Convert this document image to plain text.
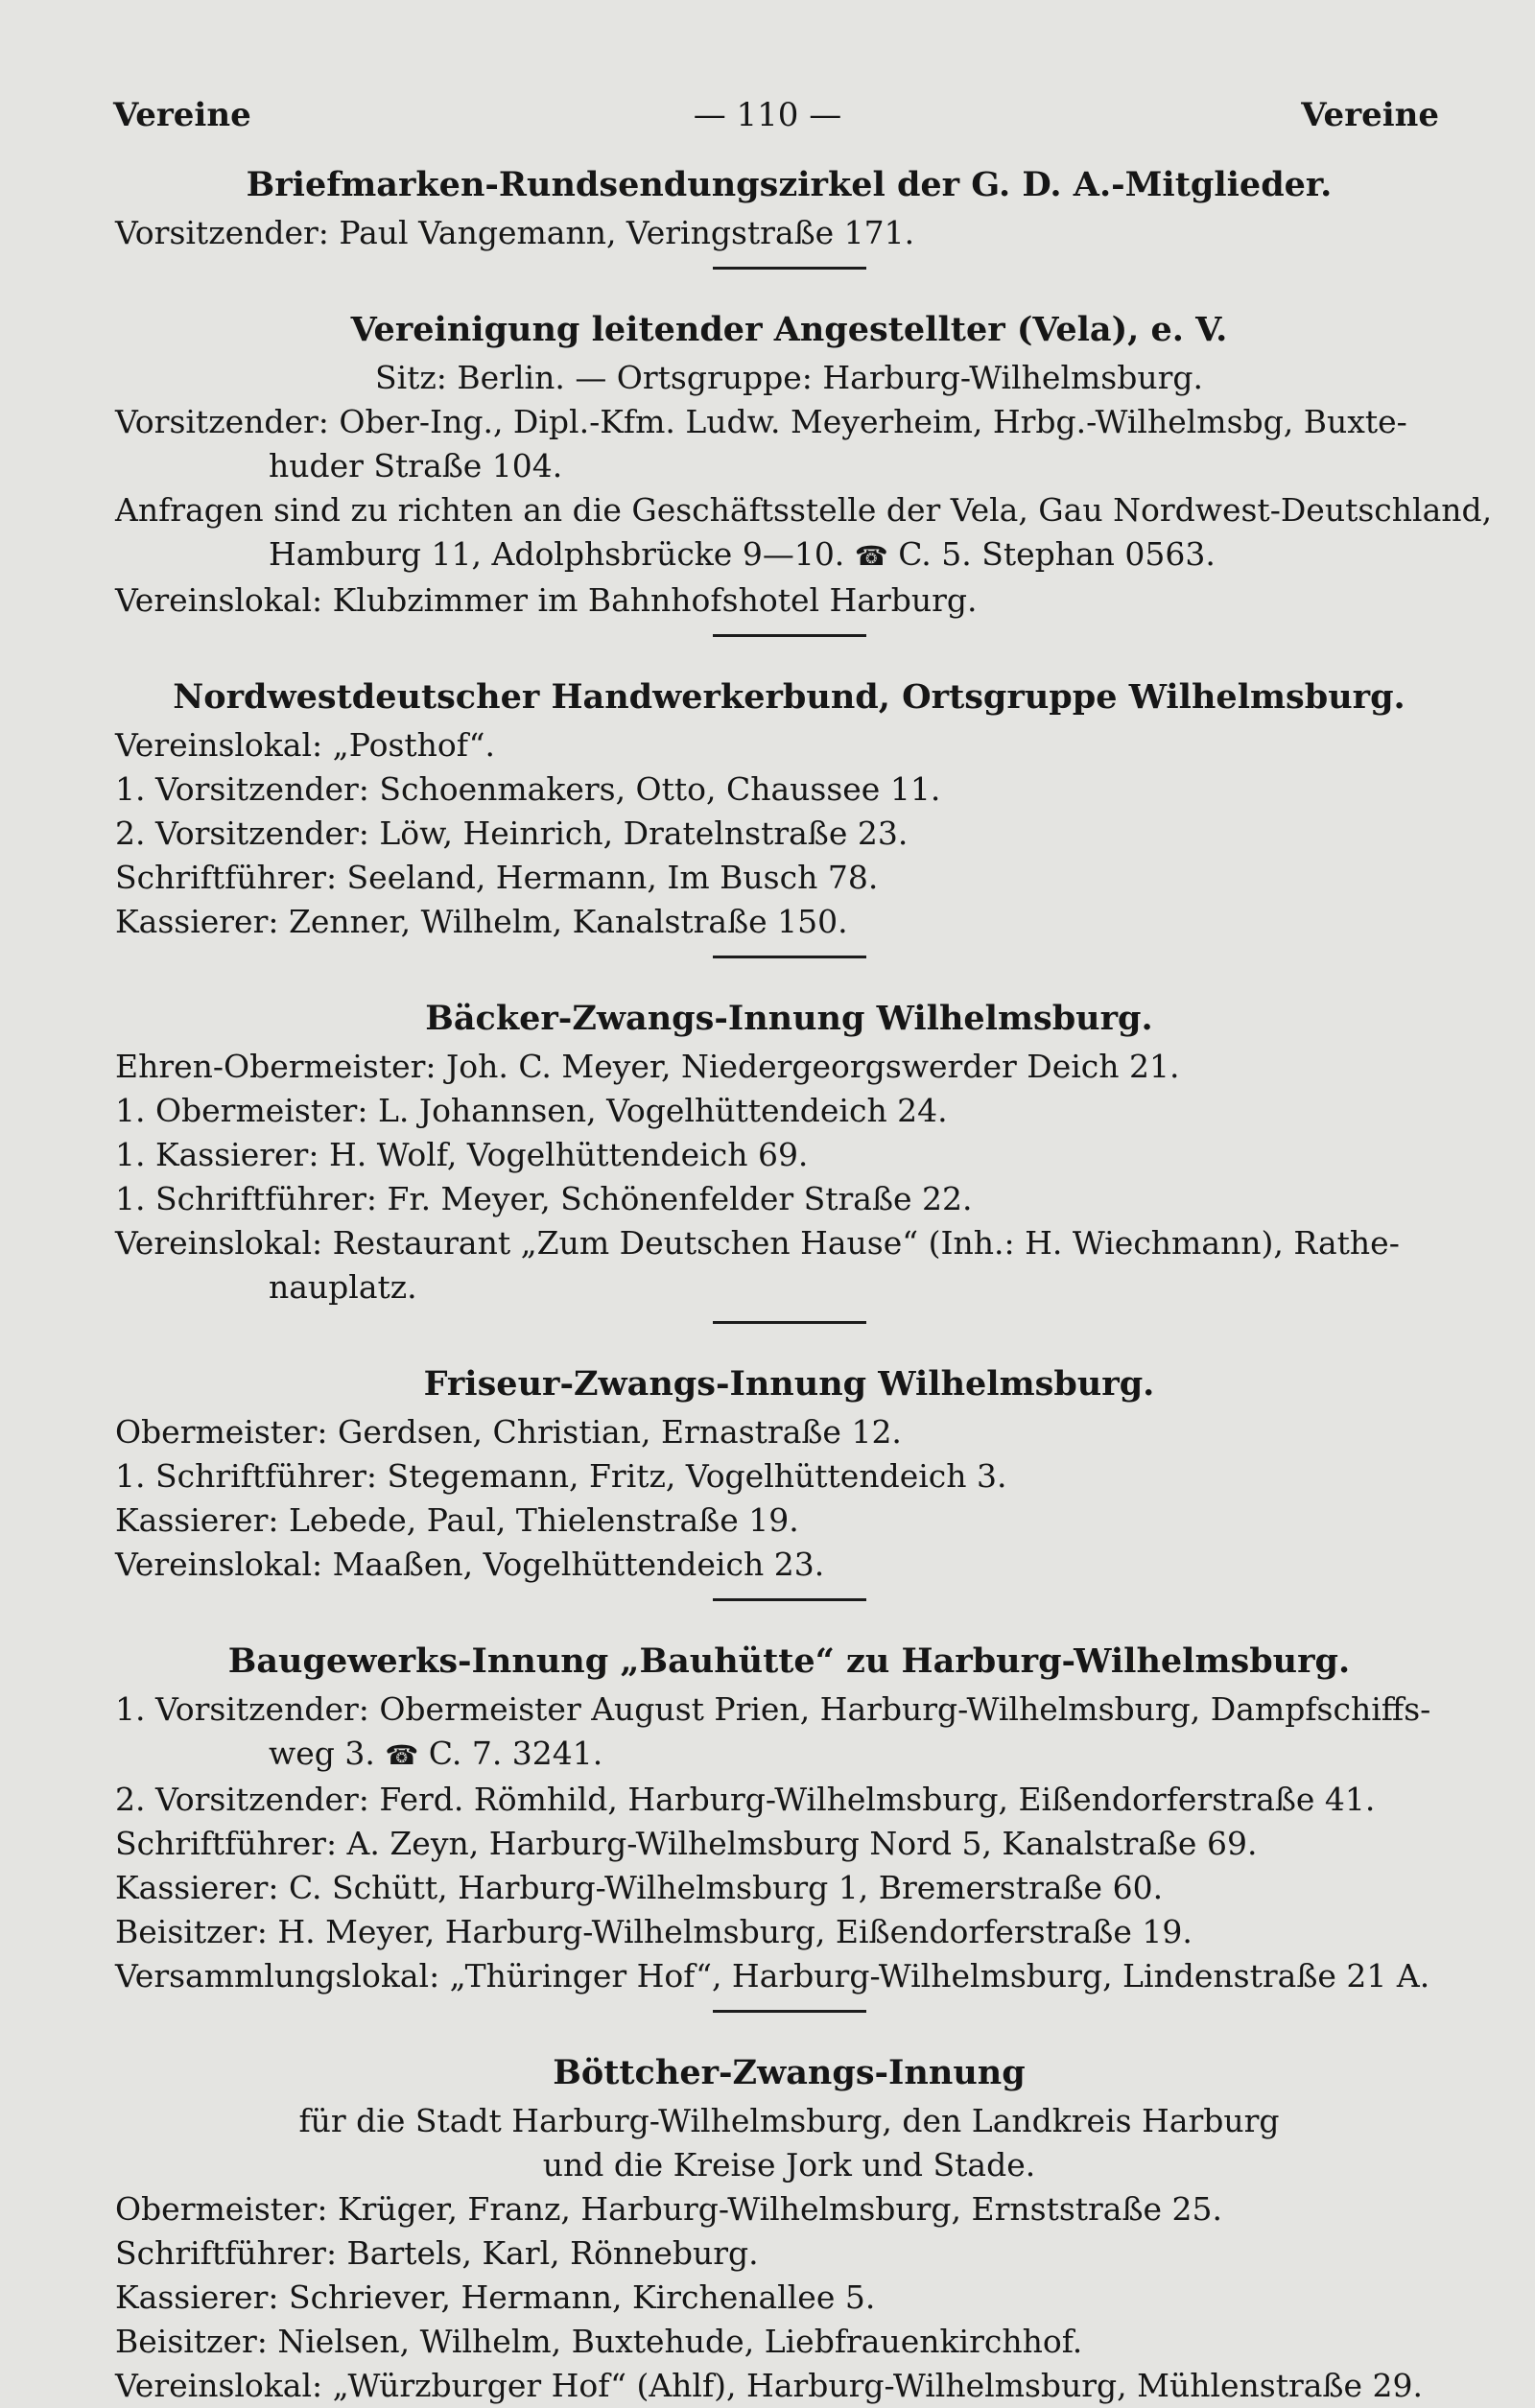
Vereine	— 110 —	Vereine
Briefmarken-Rundsendungszirkel der G. D. A.-Mitglieder.
Vorsitzender: Paul Vangemann, Veringstraße 171.
Vereinigung leitender Angestellter (Vela), e. V.
Sitz: Berlin. — Ortsgruppe: Harburg-Wilhelmsburg.
Vorsitzender: Ober-Ing., Dipl.-Kfm. Ludw. Meyerheim, Hrbg.-Wilhelmsbg, Buxte-
huder Straße 104.
Anfragen sind zu richten an die Geschäftsstelle der Vela, Gau Nordwest-Deutschland,
Hamburg 11, Adolphsbrücke 9—10. ☎ C. 5. Stephan 0563.
Vereinslokal: Klubzimmer im Bahnhofshotel Harburg.
Nordwestdeutscher Handwerkerbund, Ortsgruppe Wilhelmsburg.
Vereinslokal: „Posthof“.
1. Vorsitzender: Schoenmakers, Otto, Chaussee 11.
2. Vorsitzender: Löw, Heinrich, Dratelnstraße 23.
Schriftführer: Seeland, Hermann, Im Busch 78.
Kassierer: Zenner, Wilhelm, Kanalstraße 150.
Bäcker-Zwangs-Innung Wilhelmsburg.
Ehren-Obermeister: Joh. C. Meyer, Niedergeorgswerder Deich 21.
1. Obermeister: L. Johannsen, Vogelhüttendeich 24.
1. Kassierer: H. Wolf, Vogelhüttendeich 69.
1. Schriftführer: Fr. Meyer, Schönenfelder Straße 22.
Vereinslokal: Restaurant „Zum Deutschen Hause“ (Inh.: H. Wiechmann), Rathe-
nauplatz.
Friseur-Zwangs-Innung Wilhelmsburg.
Obermeister: Gerdsen, Christian, Ernastraße 12.
1. Schriftführer: Stegemann, Fritz, Vogelhüttendeich 3.
Kassierer: Lebede, Paul, Thielenstraße 19.
Vereinslokal: Maaßen, Vogelhüttendeich 23.
Baugewerks-Innung „Bauhütte“ zu Harburg-Wilhelmsburg.
1. Vorsitzender: Obermeister August Prien, Harburg-Wilhelmsburg, Dampfschiffs-
weg 3. ☎ C. 7. 3241.
2. Vorsitzender: Ferd. Römhild, Harburg-Wilhelmsburg, Eißendorferstraße 41.
Schriftführer: A. Zeyn, Harburg-Wilhelmsburg Nord 5, Kanalstraße 69.
Kassierer: C. Schütt, Harburg-Wilhelmsburg 1, Bremerstraße 60.
Beisitzer: H. Meyer, Harburg-Wilhelmsburg, Eißendorferstraße 19.
Versammlungslokal: „Thüringer Hof“, Harburg-Wilhelmsburg, Lindenstraße 21 A.
Böttcher-Zwangs-Innung
für die Stadt Harburg-Wilhelmsburg, den Landkreis Harburg
und die Kreise Jork und Stade.
Obermeister: Krüger, Franz, Harburg-Wilhelmsburg, Ernststraße 25.
Schriftführer: Bartels, Karl, Rönneburg.
Kassierer: Schriever, Hermann, Kirchenallee 5.
Beisitzer: Nielsen, Wilhelm, Buxtehude, Liebfrauenkirchhof.
Vereinslokal: „Würzburger Hof“ (Ahlf), Harburg-Wilhelmsburg, Mühlenstraße 29.
